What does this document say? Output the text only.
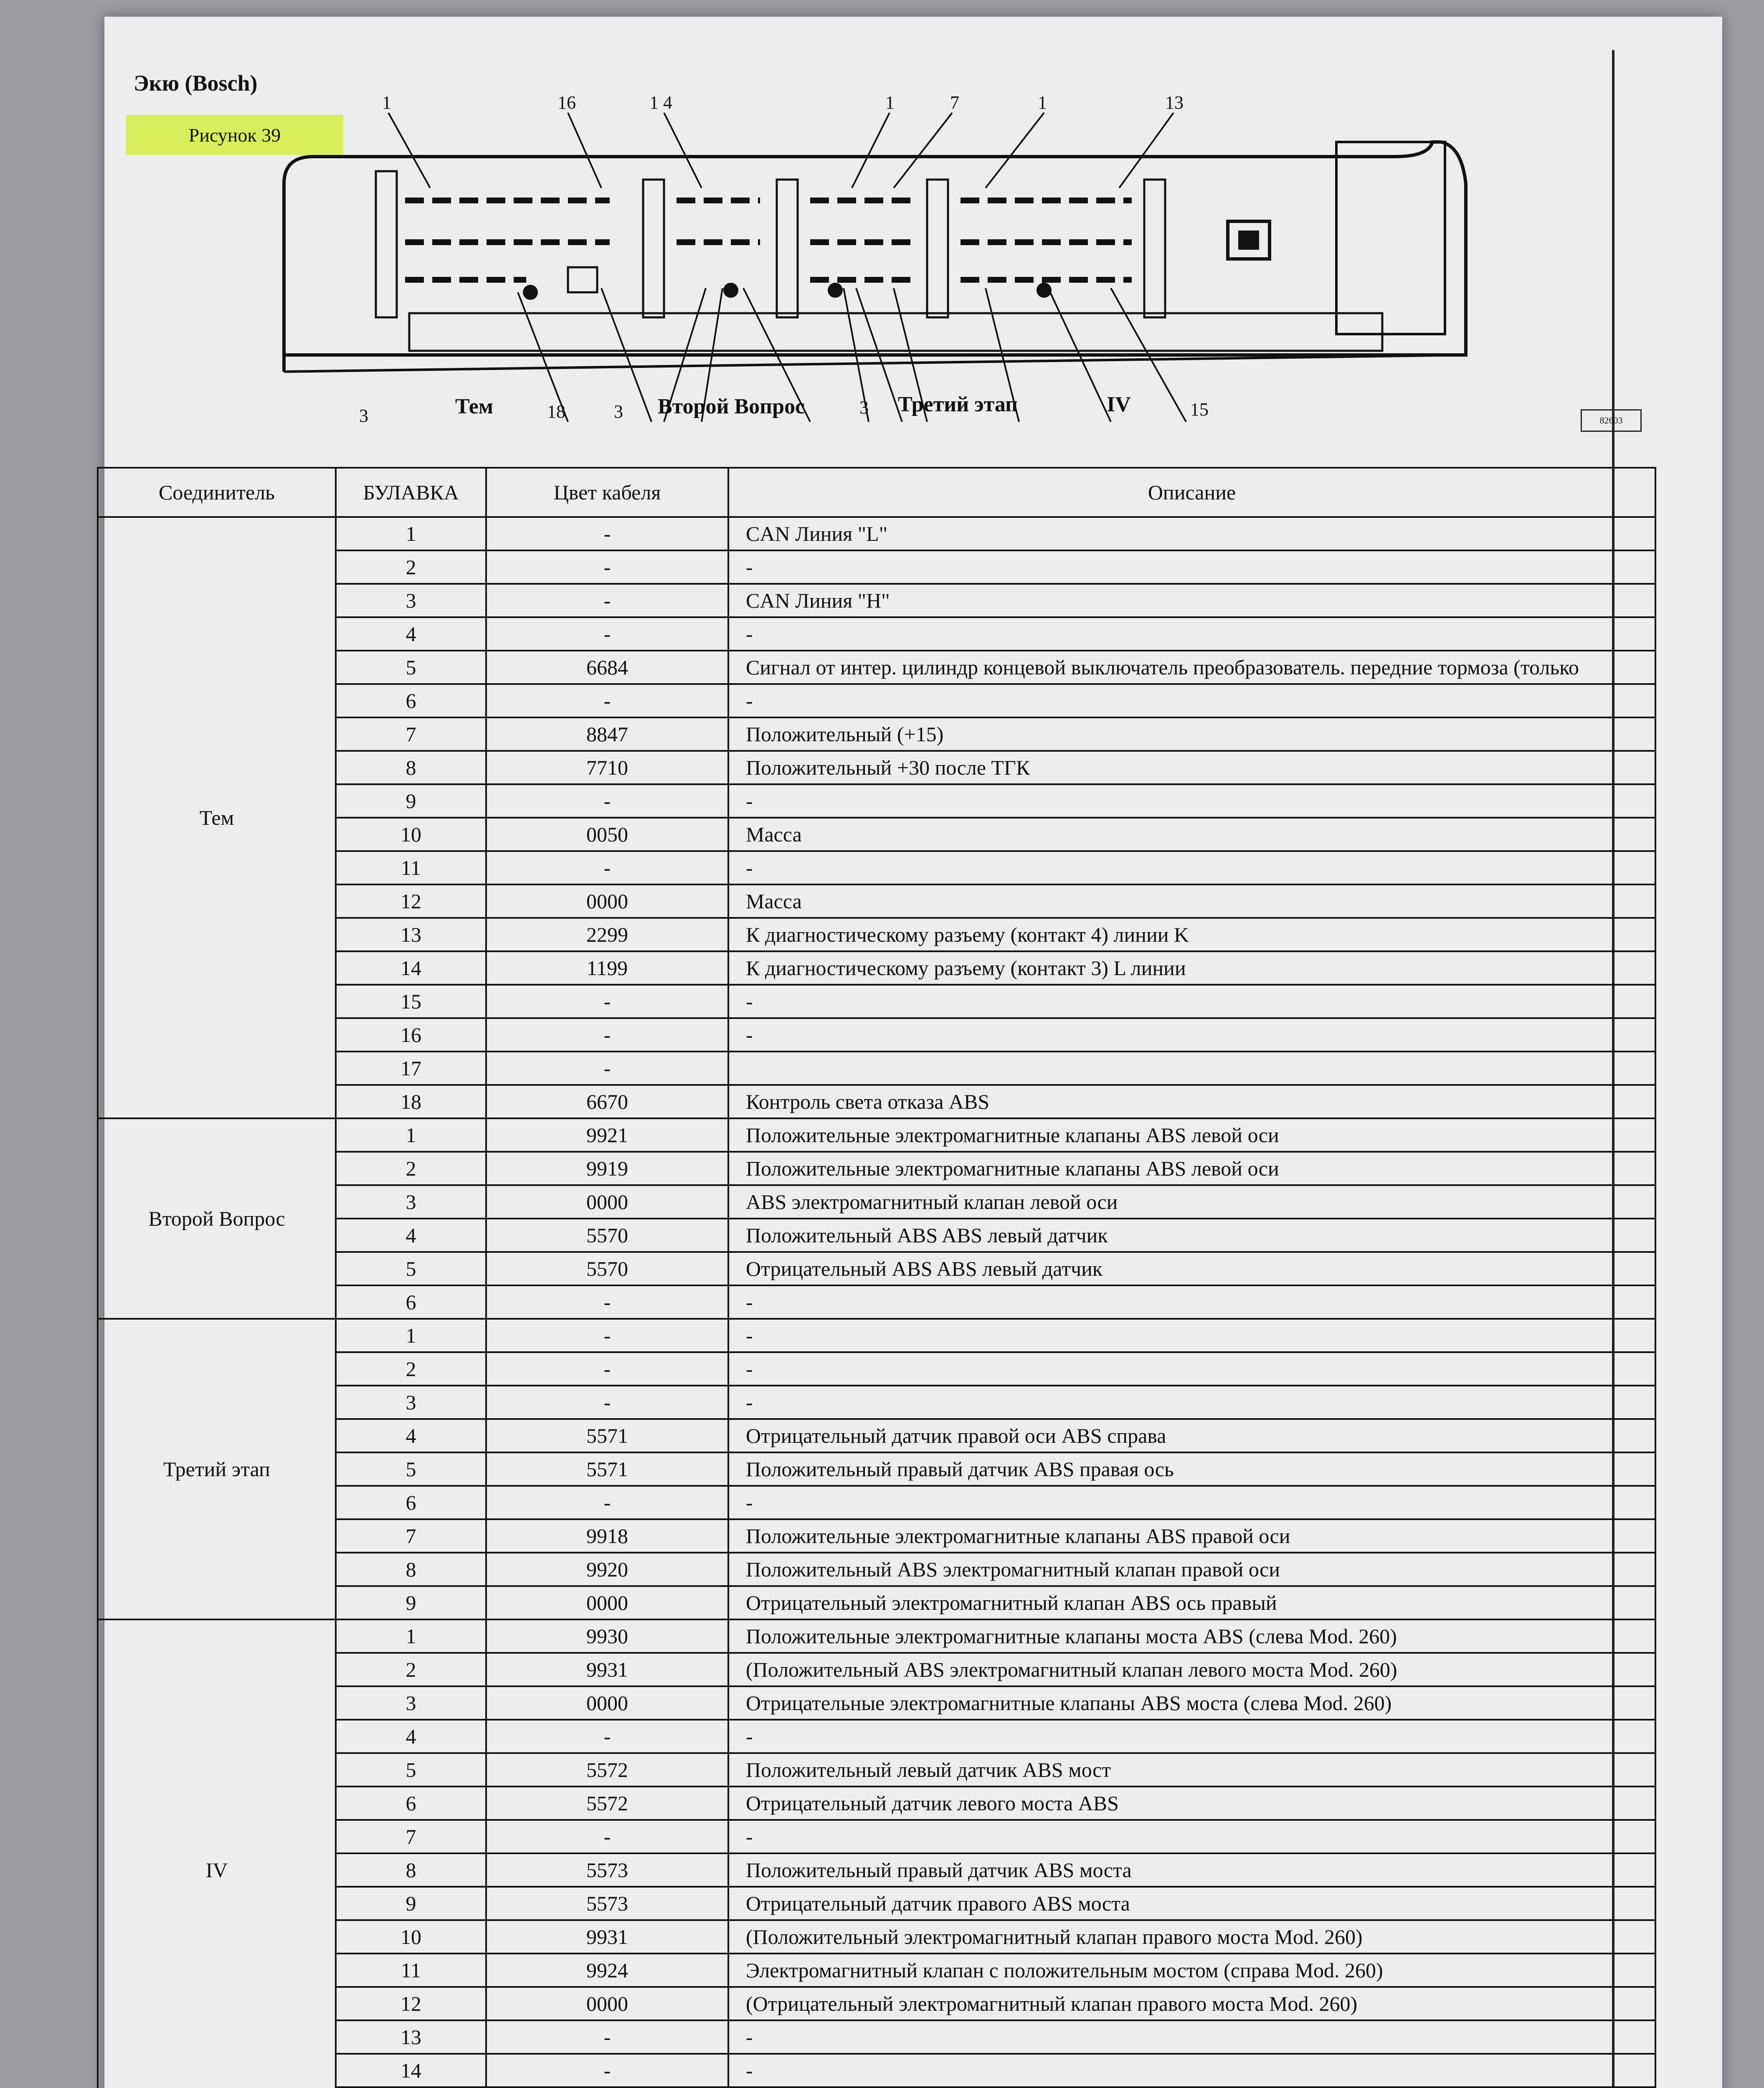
Экю (Bosch)
Рисунок 39
1	16	1 4	1	7	1	13
3	Тем	18	3 Второй Вопрос	3 Третий этап	IV	15
82603
Соединитель	БУЛАВКА	Цвет кабеля	Описание
Тем	1	-	CAN Линия "L"
	2	-	-
	3	-	CAN Линия "H"
	4	-	-
	5	6684	Сигнал от интер. цилиндр концевой выключатель преобразователь. передние тормоза (только
	6	-	-
	7	8847	Положительный (+15)
	8	7710	Положительный +30 после ТГК
	9	-	-
	10	0050	Масса
	11	-	-
	12	0000	Масса
	13	2299	К диагностическому разъему (контакт 4) линии K
	14	1199	К диагностическому разъему (контакт 3) L линии
	15	-	-
	16	-	-
	17	-	
	18	6670	Контроль света отказа ABS
Второй Вопрос	1	9921	Положительные электромагнитные клапаны ABS левой оси
	2	9919	Положительные электромагнитные клапаны ABS левой оси
	3	0000	ABS электромагнитный клапан левой оси
	4	5570	Положительный ABS ABS левый датчик
	5	5570	Отрицательный ABS ABS левый датчик
	6	-	-
Третий этап	1	-	-
	2	-	-
	3	-	-
	4	5571	Отрицательный датчик правой оси ABS справа
	5	5571	Положительный правый датчик ABS правая ось
	6	-	-
	7	9918	Положительные электромагнитные клапаны ABS правой оси
	8	9920	Положительный ABS электромагнитный клапан правой оси
	9	0000	Отрицательный электромагнитный клапан ABS ось правый
IV	1	9930	Положительные электромагнитные клапаны моста ABS (слева Mod. 260)
	2	9931	(Положительный ABS электромагнитный клапан левого моста Mod. 260)
	3	0000	Отрицательные электромагнитные клапаны ABS моста (слева Mod. 260)
	4	-	-
	5	5572	Положительный левый датчик ABS мост
	6	5572	Отрицательный датчик левого моста ABS
	7	-	-
	8	5573	Положительный правый датчик ABS моста
	9	5573	Отрицательный датчик правого ABS моста
	10	9931	(Положительный электромагнитный клапан правого моста Mod. 260)
	11	9924	Электромагнитный клапан с положительным мостом (справа Mod. 260)
	12	0000	(Отрицательный электромагнитный клапан правого моста Mod. 260)
	13	-	-
	14	-	-
